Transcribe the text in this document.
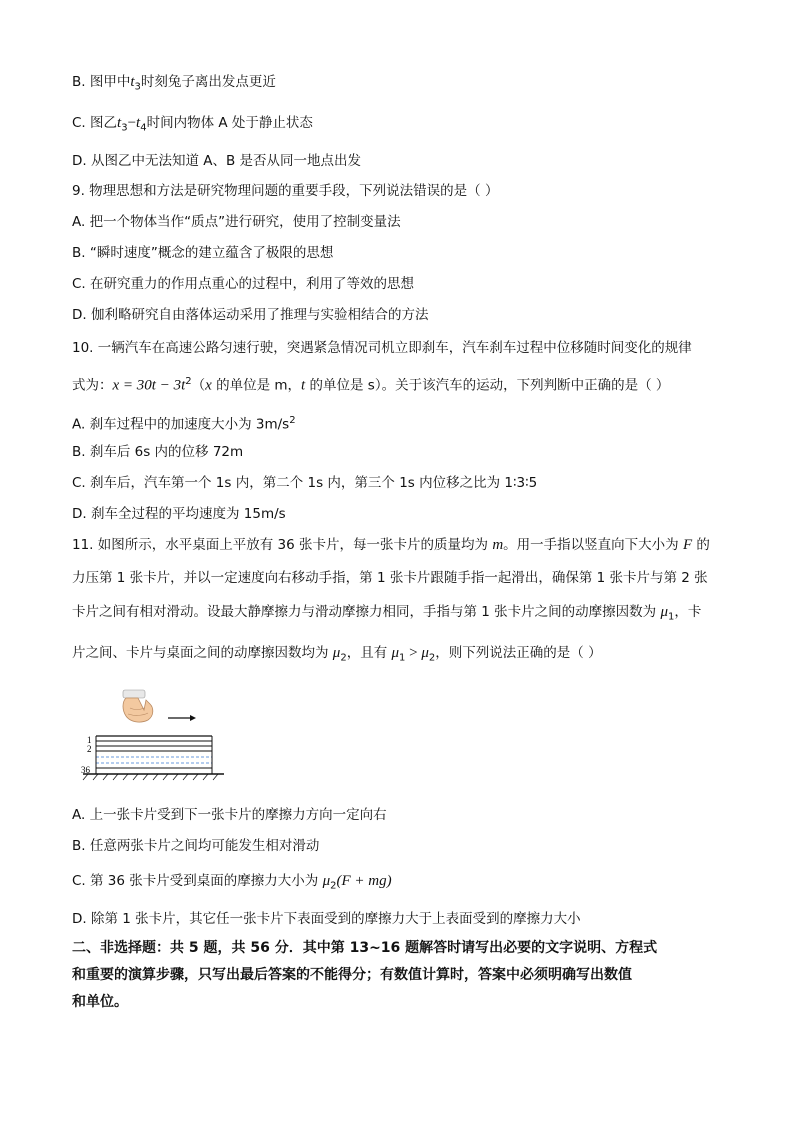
B. 图甲中$t_3$时刻兔子离出发点更近
C. 图乙$t_3-t_4$时间内物体 A 处于静止状态
D. 从图乙中无法知道 A、B 是否从同一地点出发
9. 物理思想和方法是研究物理问题的重要手段，下列说法错误的是（ ）
A. 把一个物体当作“质点”进行研究，使用了控制变量法
B. “瞬时速度”概念的建立蕴含了极限的思想
C. 在研究重力的作用点重心的过程中，利用了等效的思想
D. 伽利略研究自由落体运动采用了推理与实验相结合的方法
10. 一辆汽车在高速公路匀速行驶，突遇紧急情况司机立即刹车，汽车刹车过程中位移随时间变化的规律
式为：$x = 30t - 3t^2(x$ 的单位是 m，t 的单位是 s）。关于该汽车的运动，下列判断中正确的是（ ）
A. 刹车过程中的加速度大小为 $3m/s^2$
B. 刹车后 6s 内的位移 72m
C. 刹车后，汽车第一个 1s 内，第二个 1s 内，第三个 1s 内位移之比为 1∶3∶5
D. 刹车全过程的平均速度为 15m/s
11. 如图所示，水平桌面上平放有 36 张卡片，每一张卡片的质量均为 m。用一手指以竖直向下大小为 F 的
力压第 1 张卡片，并以一定速度向右移动手指，第 1 张卡片跟随手指一起滑出，确保第 1 张卡片与第 2 张
卡片之间有相对滑动。设最大静摩擦力与滑动摩擦力相同，手指与第 1 张卡片之间的动摩擦因数为 $\mu_1$，卡
片之间、卡片与桌面之间的动摩擦因数均为 $\mu_2$，且有 $\mu_1 > \mu_2$，则下列说法正确的是（ ）
1
2
36
A. 上一张卡片受到下一张卡片的摩擦力方向一定向右
B. 任意两张卡片之间均可能发生相对滑动
C. 第 36 张卡片受到桌面的摩擦力大小为 $\mu_2(F + mg)$
D. 除第 1 张卡片，其它任一张卡片下表面受到的摩擦力大于上表面受到的摩擦力大小
二、非选择题：共 5 题，共 56 分．其中第 13~16 题解答时请写出必要的文字说明、方程式
和重要的演算步骤，只写出最后答案的不能得分；有数值计算时，答案中必须明确写出数值
和单位。
